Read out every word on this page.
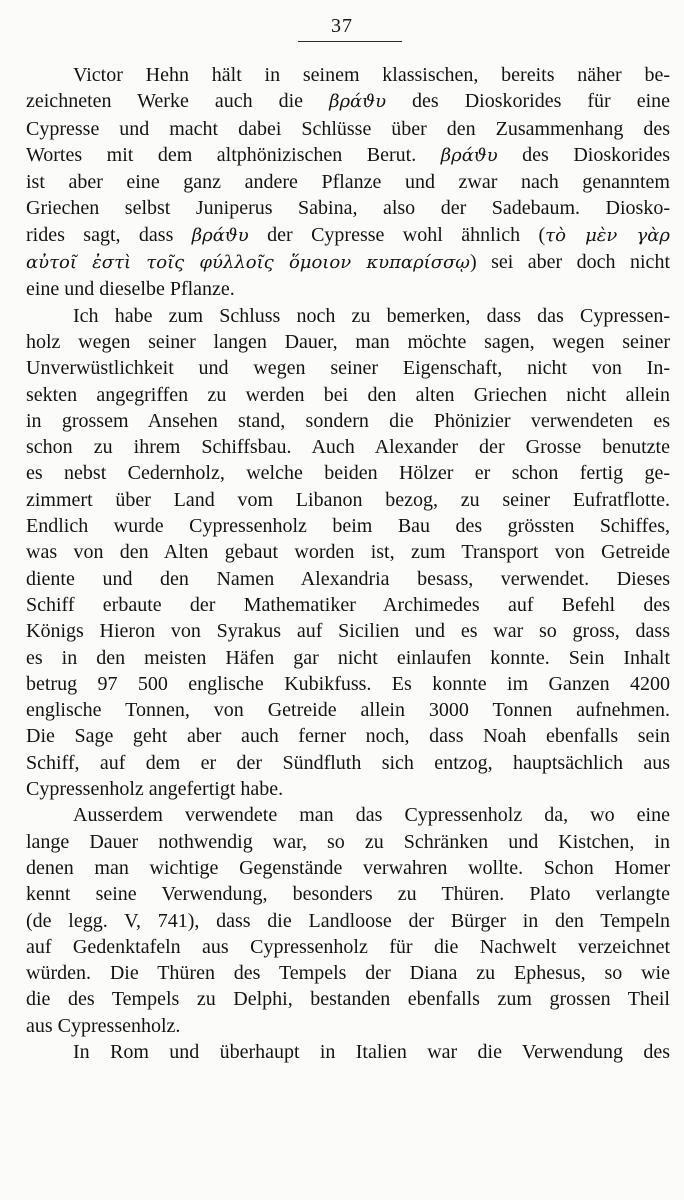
37
Victor Hehn hält in seinem klassischen, bereits näher be-
zeichneten Werke auch die βράϑυ des Dioskorides für eine
Cypresse und macht dabei Schlüsse über den Zusammenhang des
Wortes mit dem altphönizischen Berut. βράϑυ des Dioskorides
ist aber eine ganz andere Pflanze und zwar nach genanntem
Griechen selbst Juniperus Sabina, also der Sadebaum. Diosko-
rides sagt, dass βράϑυ der Cypresse wohl ähnlich (τὸ μὲν γὰρ
αὐτοῖ ἐστὶ τοῖς φύλλοῖς ὅμοιον κυπαρίσσῳ) sei aber doch nicht
eine und dieselbe Pflanze.
Ich habe zum Schluss noch zu bemerken, dass das Cypressen-
holz wegen seiner langen Dauer, man möchte sagen, wegen seiner
Unverwüstlichkeit und wegen seiner Eigenschaft, nicht von In-
sekten angegriffen zu werden bei den alten Griechen nicht allein
in grossem Ansehen stand, sondern die Phönizier verwendeten es
schon zu ihrem Schiffsbau. Auch Alexander der Grosse benutzte
es nebst Cedernholz, welche beiden Hölzer er schon fertig ge-
zimmert über Land vom Libanon bezog, zu seiner Eufratflotte.
Endlich wurde Cypressenholz beim Bau des grössten Schiffes,
was von den Alten gebaut worden ist, zum Transport von Getreide
diente und den Namen Alexandria besass, verwendet. Dieses
Schiff erbaute der Mathematiker Archimedes auf Befehl des
Königs Hieron von Syrakus auf Sicilien und es war so gross, dass
es in den meisten Häfen gar nicht einlaufen konnte. Sein Inhalt
betrug 97 500 englische Kubikfuss. Es konnte im Ganzen 4200
englische Tonnen, von Getreide allein 3000 Tonnen aufnehmen.
Die Sage geht aber auch ferner noch, dass Noah ebenfalls sein
Schiff, auf dem er der Sündfluth sich entzog, hauptsächlich aus
Cypressenholz angefertigt habe.
Ausserdem verwendete man das Cypressenholz da, wo eine
lange Dauer nothwendig war, so zu Schränken und Kistchen, in
denen man wichtige Gegenstände verwahren wollte. Schon Homer
kennt seine Verwendung, besonders zu Thüren. Plato verlangte
(de legg. V, 741), dass die Landloose der Bürger in den Tempeln
auf Gedenktafeln aus Cypressenholz für die Nachwelt verzeichnet
würden. Die Thüren des Tempels der Diana zu Ephesus, so wie
die des Tempels zu Delphi, bestanden ebenfalls zum grossen Theil
aus Cypressenholz.
In Rom und überhaupt in Italien war die Verwendung des
